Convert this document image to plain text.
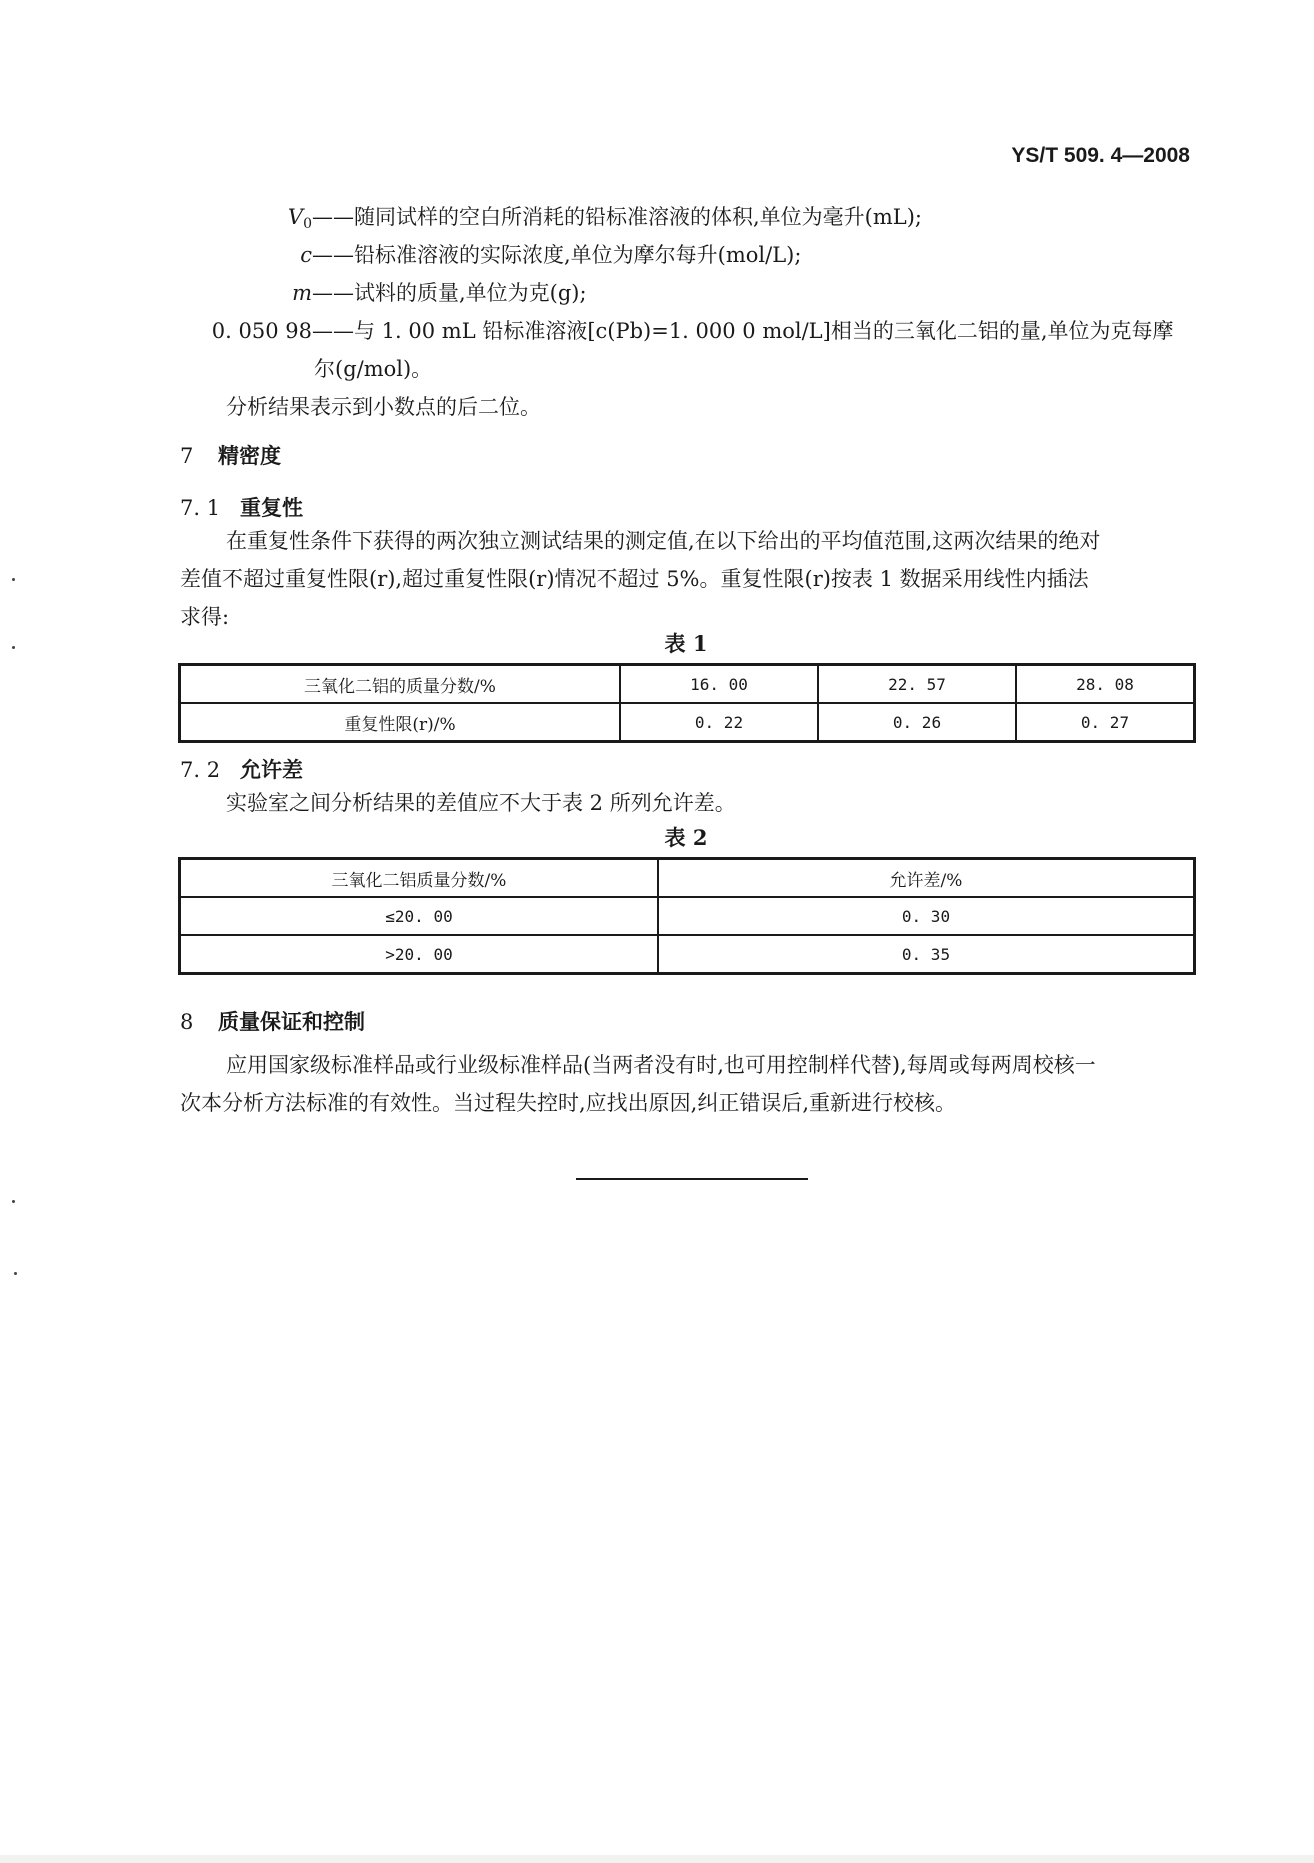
YS/T 509. 4—2008
$V_0——$随同试样的空白所消耗的铅标准溶液的体积,单位为毫升(mL);
c——铅标准溶液的实际浓度,单位为摩尔每升(mol/L);
m——试料的质量,单位为克(g);
0. 050 98——与 1. 00 mL 铅标准溶液[c(Pb)=1. 000 0 mol/L]相当的三氧化二铝的量,单位为克每摩
尔(g/mol)。
分析结果表示到小数点的后二位。
7 精密度
7. 1 重复性
在重复性条件下获得的两次独立测试结果的测定值,在以下给出的平均值范围,这两次结果的绝对
差值不超过重复性限(r),超过重复性限(r)情况不超过 5%。重复性限(r)按表 1 数据采用线性内插法
求得:
表 1
三氧化二铝的质量分数/%	16. 00	22. 57	28. 08
重复性限(r)/%	0. 22	0. 26	0. 27
7. 2 允许差
实验室之间分析结果的差值应不大于表 2 所列允许差。
表 2
三氧化二铝质量分数/%	允许差/%
≤20. 00	0. 30
>20. 00	0. 35
8 质量保证和控制
应用国家级标准样品或行业级标准样品(当两者没有时,也可用控制样代替),每周或每两周校核一
次本分析方法标准的有效性。当过程失控时,应找出原因,纠正错误后,重新进行校核。
